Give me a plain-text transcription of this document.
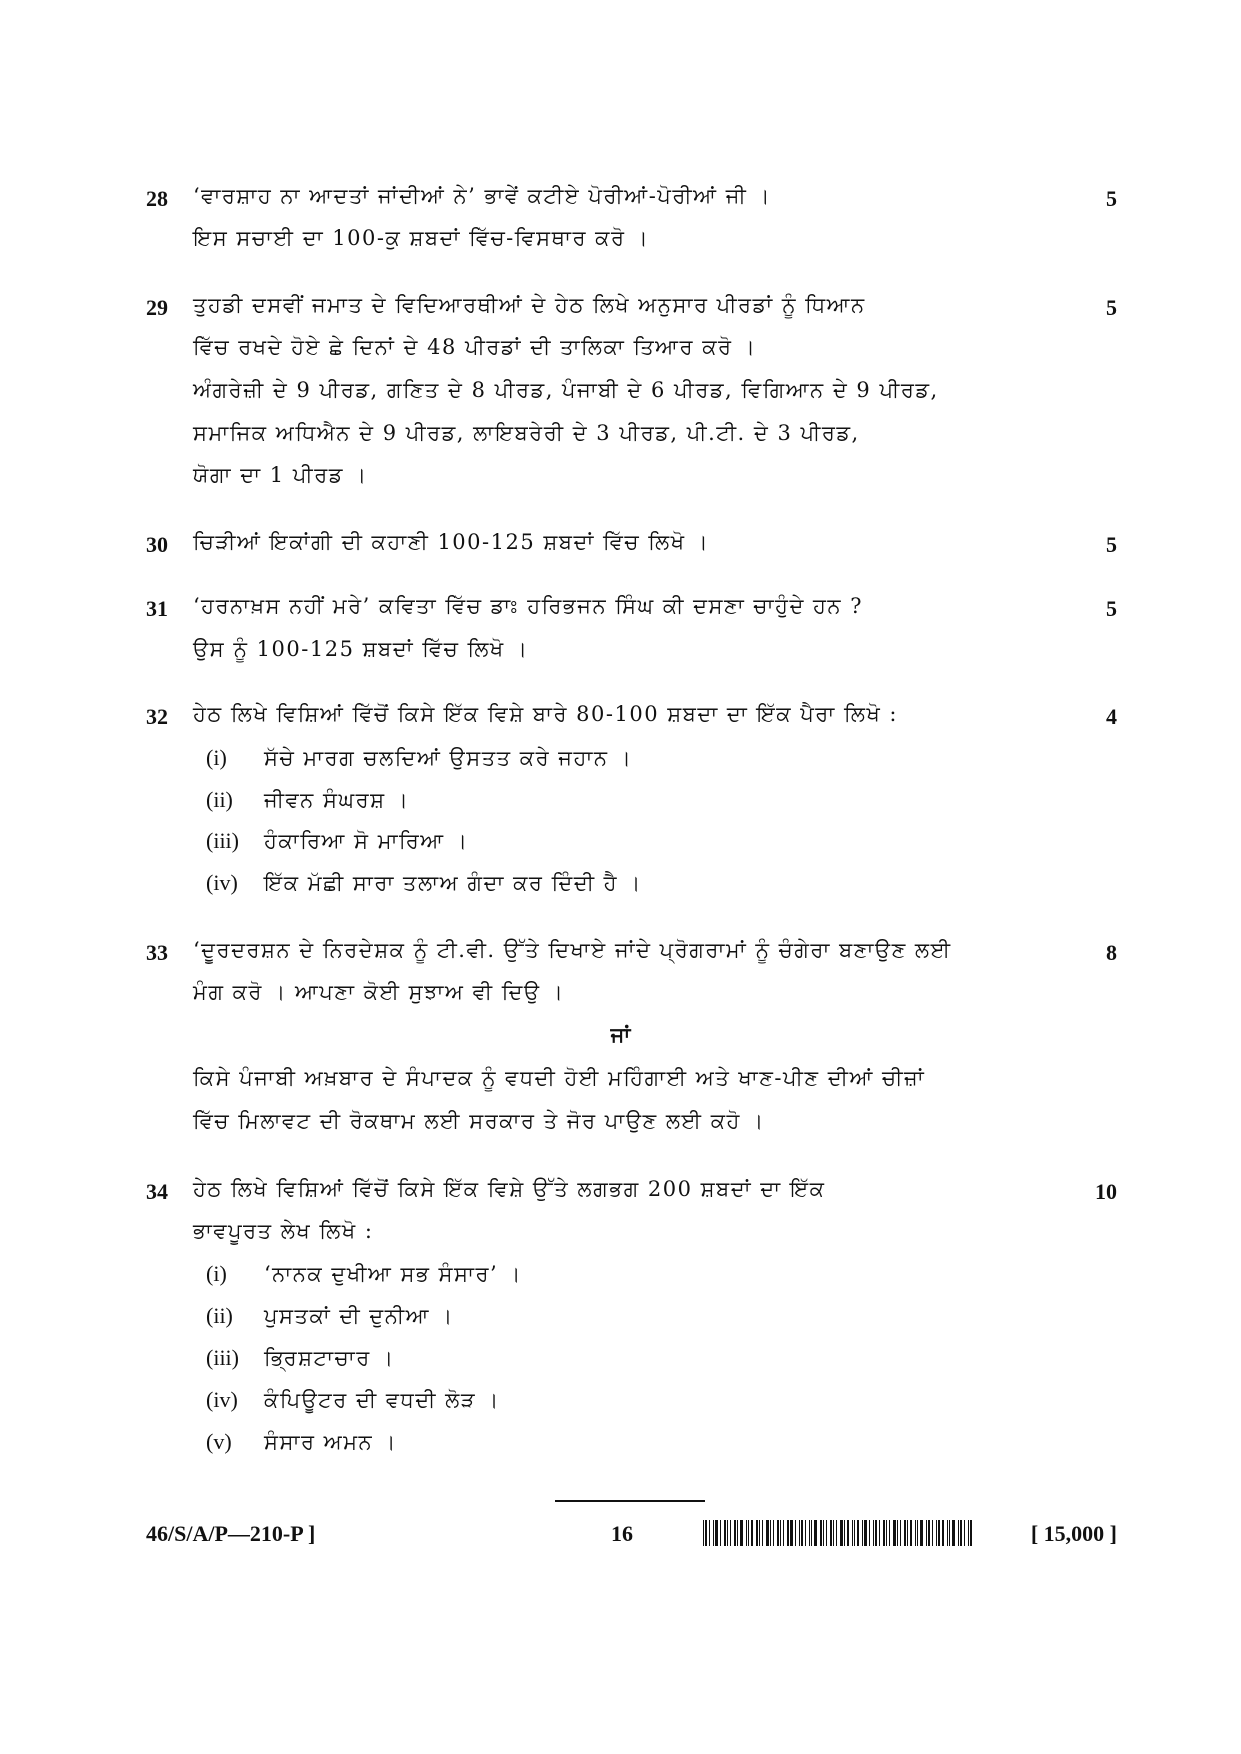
28 ‘ਵਾਰਸ਼ਾਹ ਨਾ ਆਦਤਾਂ ਜਾਂਦੀਆਂ ਨੇ’ ਭਾਵੇਂ ਕਟੀਏ ਪੋਰੀਆਂ-ਪੋਰੀਆਂ ਜੀ ।
ਇਸ ਸਚਾਈ ਦਾ 100-ਕੁ ਸ਼ਬਦਾਂ ਵਿੱਚ-ਵਿਸਥਾਰ ਕਰੋ ।
5
29 ਤੁਹਡੀ ਦਸਵੀਂ ਜਮਾਤ ਦੇ ਵਿਦਿਆਰਥੀਆਂ ਦੇ ਹੇਠ ਲਿਖੇ ਅਨੁਸਾਰ ਪੀਰਡਾਂ ਨੂੰ ਧਿਆਨ
ਵਿੱਚ ਰਖਦੇ ਹੋਏ ਛੇ ਦਿਨਾਂ ਦੇ 48 ਪੀਰਡਾਂ ਦੀ ਤਾਲਿਕਾ ਤਿਆਰ ਕਰੋ ।
ਅੰਗਰੇਜ਼ੀ ਦੇ 9 ਪੀਰਡ, ਗਣਿਤ ਦੇ 8 ਪੀਰਡ, ਪੰਜਾਬੀ ਦੇ 6 ਪੀਰਡ, ਵਿਗਿਆਨ ਦੇ 9 ਪੀਰਡ,
ਸਮਾਜਿਕ ਅਧਿਐਨ ਦੇ 9 ਪੀਰਡ, ਲਾਇਬਰੇਰੀ ਦੇ 3 ਪੀਰਡ, ਪੀ.ਟੀ. ਦੇ 3 ਪੀਰਡ,
ਯੋਗਾ ਦਾ 1 ਪੀਰਡ ।
5
30 ਚਿੜੀਆਂ ਇਕਾਂਗੀ ਦੀ ਕਹਾਣੀ 100-125 ਸ਼ਬਦਾਂ ਵਿੱਚ ਲਿਖੋ ।	5
31 ‘ਹਰਨਾਖ਼ਸ ਨਹੀਂ ਮਰੇ’ ਕਵਿਤਾ ਵਿੱਚ ਡਾਃ ਹਰਿਭਜਨ ਸਿੰਘ ਕੀ ਦਸਣਾ ਚਾਹੁੰਦੇ ਹਨ ?
ਉਸ ਨੂੰ 100-125 ਸ਼ਬਦਾਂ ਵਿੱਚ ਲਿਖੋ ।
5
32 ਹੇਠ ਲਿਖੇ ਵਿਸ਼ਿਆਂ ਵਿੱਚੋਂ ਕਿਸੇ ਇੱਕ ਵਿਸ਼ੇ ਬਾਰੇ 80-100 ਸ਼ਬਦਾ ਦਾ ਇੱਕ ਪੈਰਾ ਲਿਖੋ :	4
(i) ਸੱਚੇ ਮਾਰਗ ਚਲਦਿਆਂ ਉਸਤਤ ਕਰੇ ਜਹਾਨ ।
(ii) ਜੀਵਨ ਸੰਘਰਸ਼ ।
(iii) ਹੰਕਾਰਿਆ ਸੋ ਮਾਰਿਆ ।
(iv) ਇੱਕ ਮੱਛੀ ਸਾਰਾ ਤਲਾਅ ਗੰਦਾ ਕਰ ਦਿੰਦੀ ਹੈ ।
33 ‘ਦੂਰਦਰਸ਼ਨ ਦੇ ਨਿਰਦੇਸ਼ਕ ਨੂੰ ਟੀ.ਵੀ. ਉੱਤੇ ਦਿਖਾਏ ਜਾਂਦੇ ਪ੍ਰੋਗਰਾਮਾਂ ਨੂੰ ਚੰਗੇਰਾ ਬਣਾਉਣ ਲਈ
ਮੰਗ ਕਰੋ । ਆਪਣਾ ਕੋਈ ਸੁਝਾਅ ਵੀ ਦਿਉ ।
8
ਜਾਂ
ਕਿਸੇ ਪੰਜਾਬੀ ਅਖ਼ਬਾਰ ਦੇ ਸੰਪਾਦਕ ਨੂੰ ਵਧਦੀ ਹੋਈ ਮਹਿੰਗਾਈ ਅਤੇ ਖਾਣ-ਪੀਣ ਦੀਆਂ ਚੀਜ਼ਾਂ
ਵਿੱਚ ਮਿਲਾਵਟ ਦੀ ਰੋਕਥਾਮ ਲਈ ਸਰਕਾਰ ਤੇ ਜੋਰ ਪਾਉਣ ਲਈ ਕਹੋ ।
34 ਹੇਠ ਲਿਖੇ ਵਿਸ਼ਿਆਂ ਵਿੱਚੋਂ ਕਿਸੇ ਇੱਕ ਵਿਸ਼ੇ ਉੱਤੇ ਲਗਭਗ 200 ਸ਼ਬਦਾਂ ਦਾ ਇੱਕ
ਭਾਵਪੂਰਤ ਲੇਖ ਲਿਖੋ :
10
(i) ‘ਨਾਨਕ ਦੁਖੀਆ ਸਭ ਸੰਸਾਰ’ ।
(ii) ਪੁਸਤਕਾਂ ਦੀ ਦੁਨੀਆ ।
(iii) ਭ੍ਰਿਸ਼ਟਾਚਾਰ ।
(iv) ਕੰਪਿਊਟਰ ਦੀ ਵਧਦੀ ਲੋੜ ।
(v) ਸੰਸਾਰ ਅਮਨ ।
46/S/A/P—210-P ]	16	[ 15,000 ]
